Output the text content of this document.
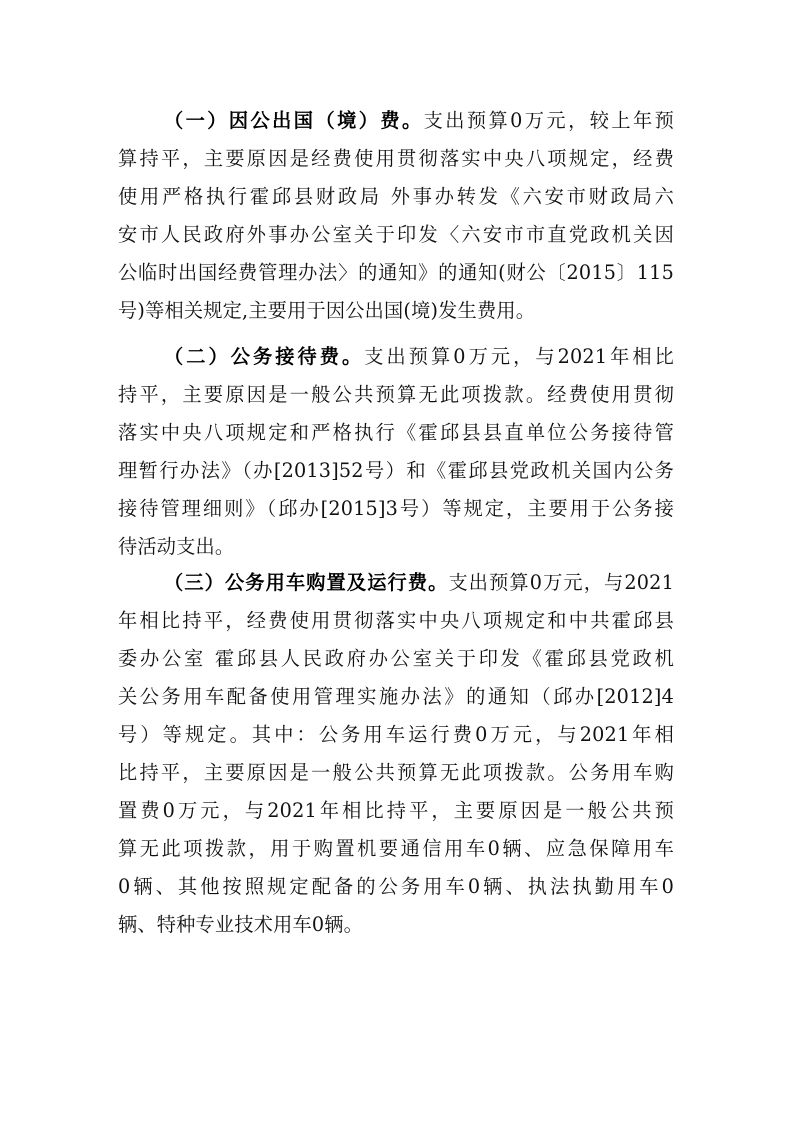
（一）因公出国（境）费。支出预算0万元，较上年预

算持平，主要原因是经费使用贯彻落实中央八项规定，经费

使用严格执行霍邱县财政局 外事办转发《六安市财政局六

安市人民政府外事办公室关于印发〈六安市市直党政机关因

公临时出国经费管理办法〉的通知》的通知(财公〔2015〕115

号)等相关规定,主要用于因公出国(境)发生费用。

（二）公务接待费。支出预算0万元，与2021年相比

持平，主要原因是一般公共预算无此项拨款。经费使用贯彻

落实中央八项规定和严格执行《霍邱县县直单位公务接待管

理暂行办法》（办[2013]52号）和《霍邱县党政机关国内公务

接待管理细则》（邱办[2015]3号）等规定，主要用于公务接

待活动支出。

（三）公务用车购置及运行费。支出预算0万元，与2021

年相比持平，经费使用贯彻落实中央八项规定和中共霍邱县

委办公室 霍邱县人民政府办公室关于印发《霍邱县党政机

关公务用车配备使用管理实施办法》的通知（邱办[2012]4

号）等规定。其中：公务用车运行费0万元，与2021年相

比持平，主要原因是一般公共预算无此项拨款。公务用车购

置费0万元，与2021年相比持平，主要原因是一般公共预

算无此项拨款，用于购置机要通信用车0辆、应急保障用车

0辆、其他按照规定配备的公务用车0辆、执法执勤用车0

辆、特种专业技术用车0辆。
